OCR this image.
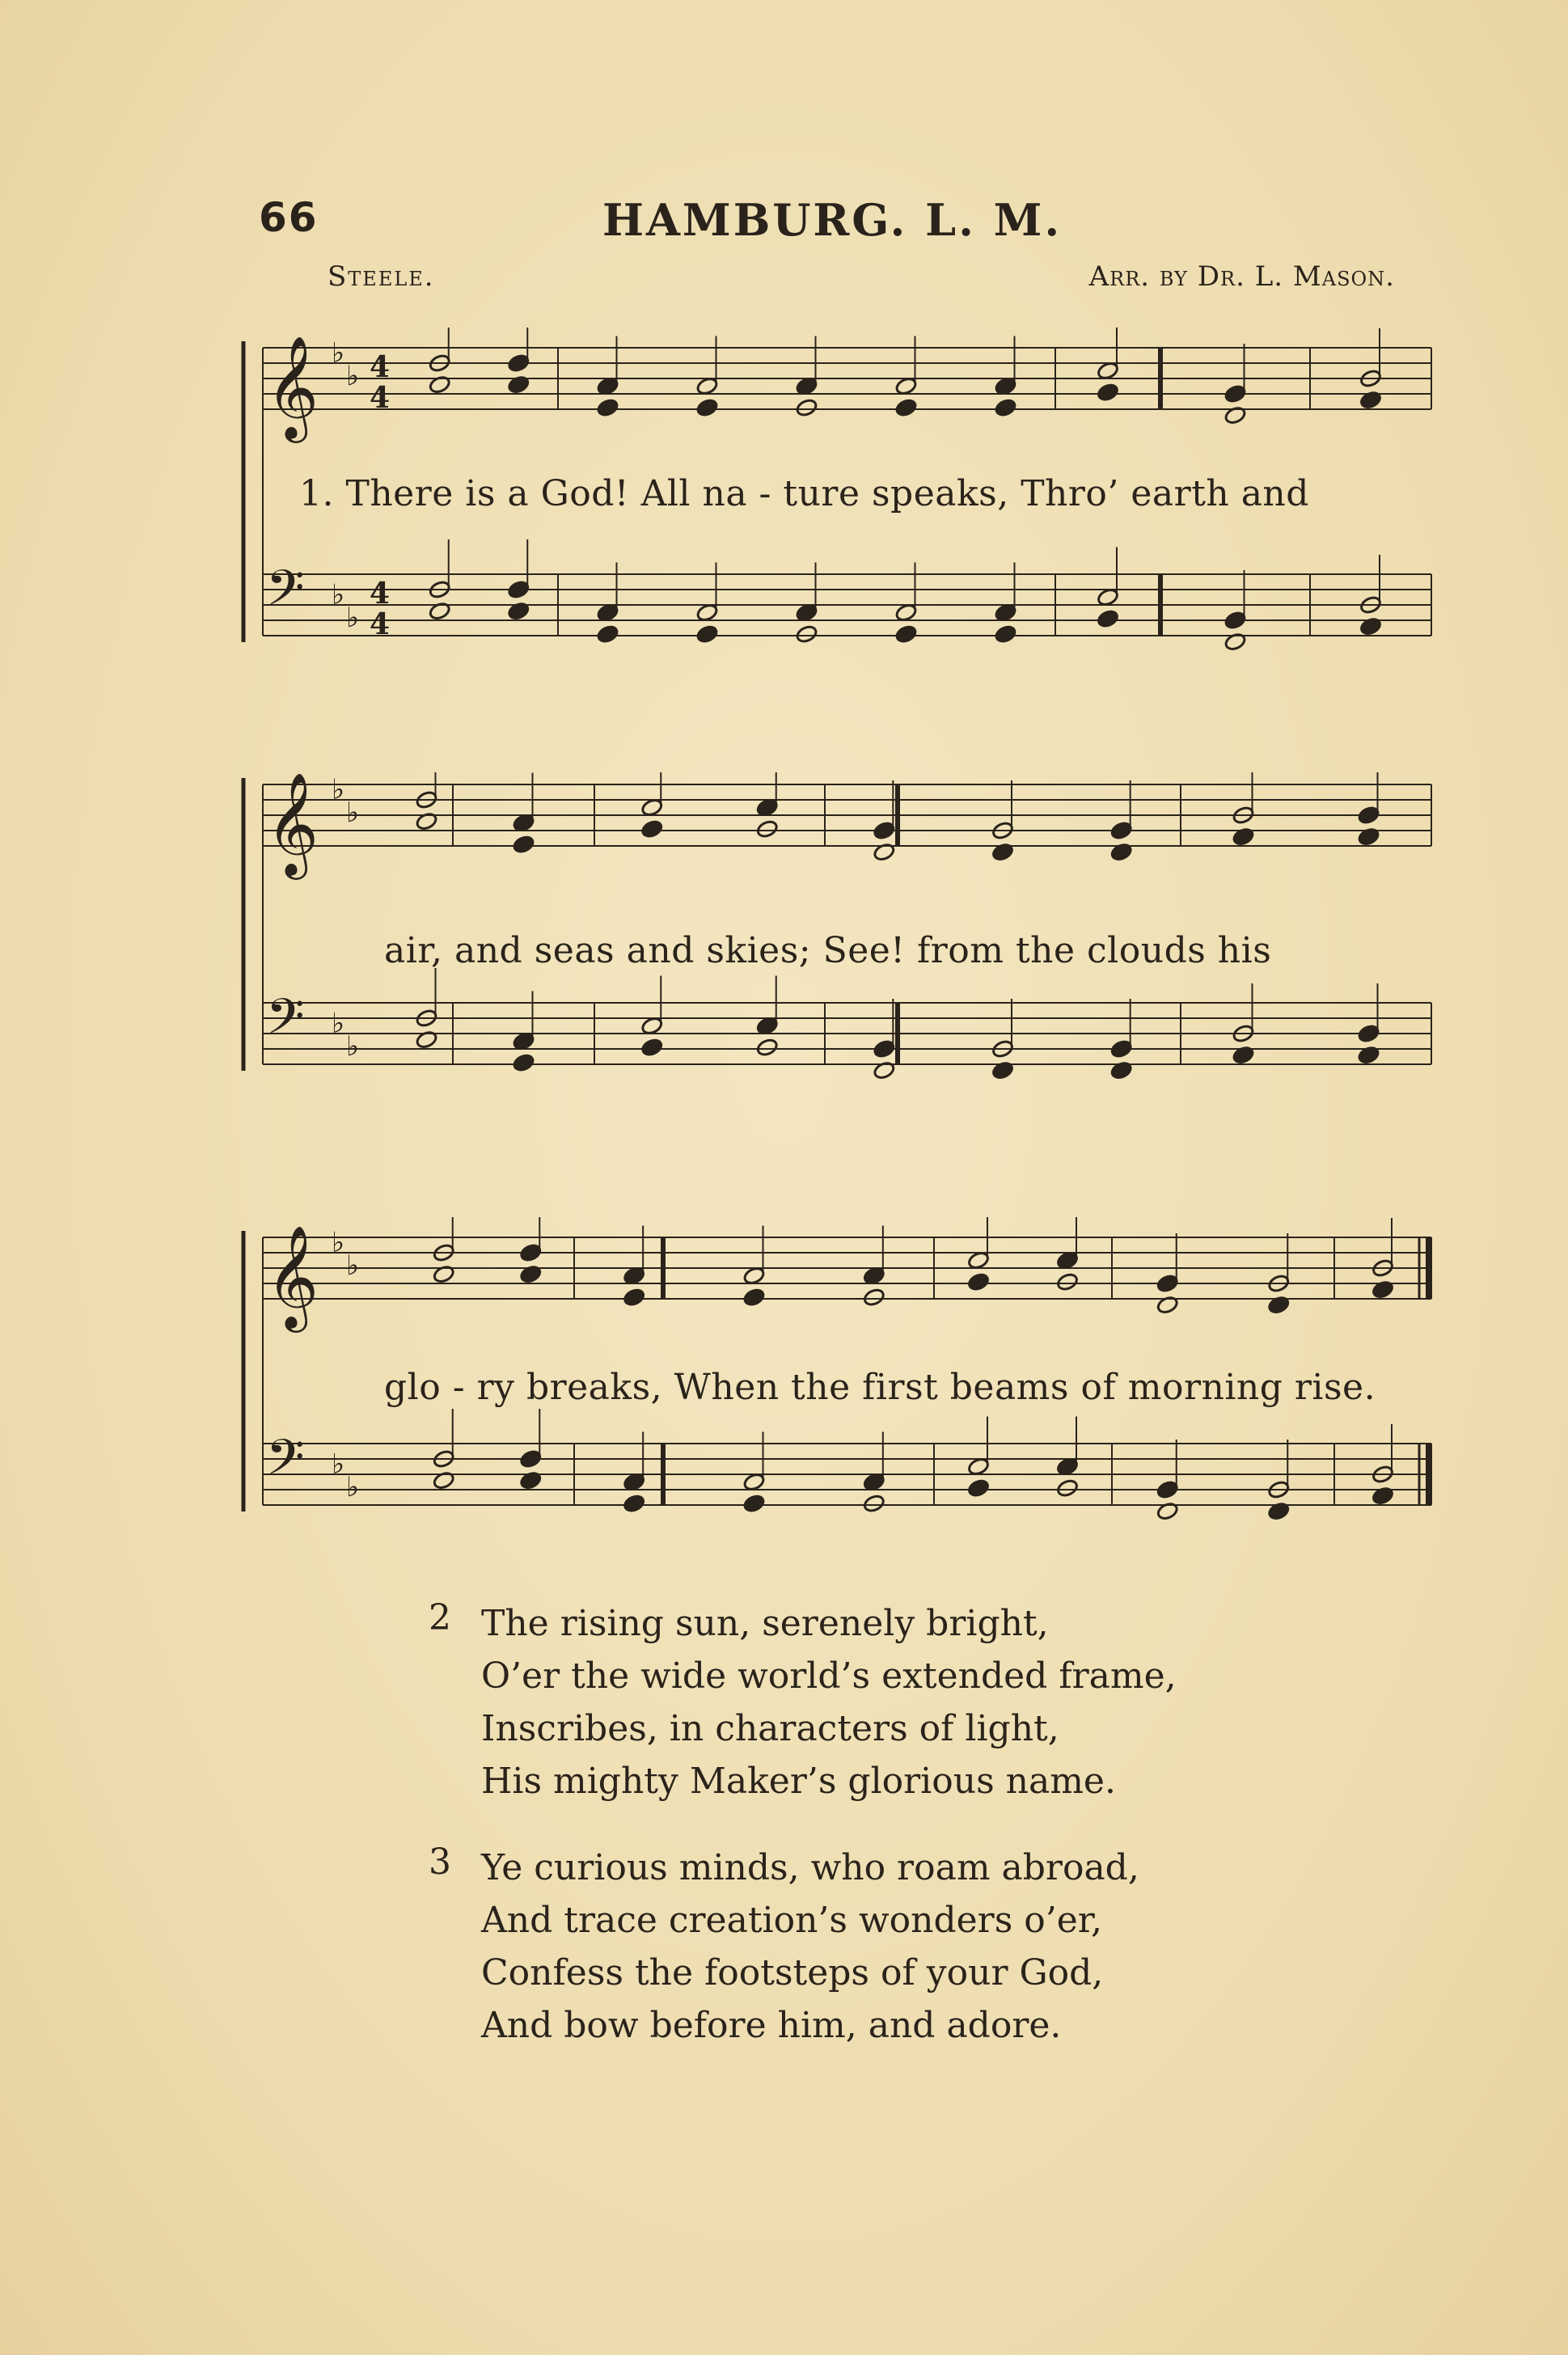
66	HAMBURG. L. M.
Steele.	Arr. by Dr. L. Mason.
𝄞 ♭
♭ 4
4
𝄢 ♭
♭
4
4
1. There is a God! All na - ture speaks, Thro’ earth and
𝄞 ♭
♭
𝄢 ♭
♭
air, and seas and skies; See! from the clouds his
𝄞 ♭
♭
𝄢 ♭
♭
glo - ry breaks, When the first beams of morning rise.
2 The rising sun, serenely bright,
O’er the wide world’s extended frame,
Inscribes, in characters of light,
His mighty Maker’s glorious name.
3 Ye curious minds, who roam abroad,
And trace creation’s wonders o’er,
Confess the footsteps of your God,
And bow before him, and adore.
